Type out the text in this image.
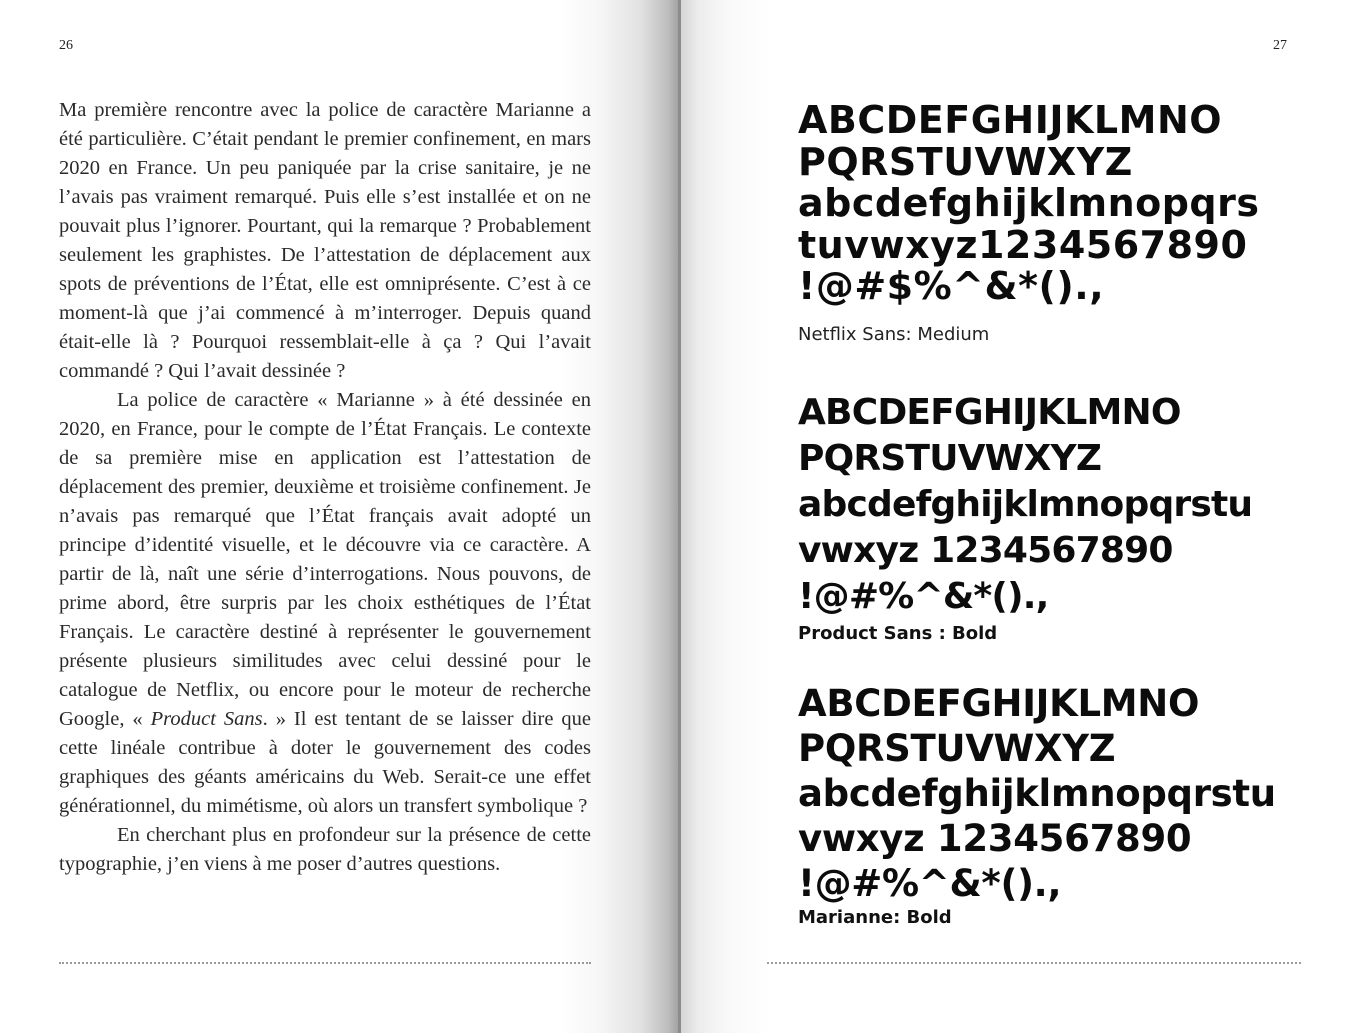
26

Ma première rencontre avec la police de caractère Marianne a été particulière. C’était pendant le premier confinement, en mars 2020 en France. Un peu paniquée par la crise sanitaire, je ne l’avais pas vraiment remarqué. Puis elle s’est installée et on ne pouvait plus l’ignorer. Pourtant, qui la remarque ? Probablement seulement les graphistes. De l’attestation de déplacement aux spots de préventions de l’État, elle est omniprésente. C’est à ce moment-là que j’ai commencé à m’interroger. Depuis quand était-elle là ? Pourquoi ressemblait-elle à ça ? Qui l’avait commandé ? Qui l’avait dessinée ?

La police de caractère « Marianne » à été dessinée en 2020, en France, pour le compte de l’État Français. Le contexte de sa première mise en application est l’attestation de déplacement des premier, deuxième et troisième confinement. Je n’avais pas remarqué que l’État français avait adopté un principe d’identité visuelle, et le découvre via ce caractère. A partir de là, naît une série d’interrogations. Nous pouvons, de prime abord, être surpris par les choix esthétiques de l’État Français. Le caractère destiné à représenter le gouvernement présente plusieurs similitudes avec celui dessiné pour le catalogue de Netflix, ou encore pour le moteur de recherche Google, « Product Sans. » Il est tentant de se laisser dire que cette linéale contribue à doter le gouvernement des codes graphiques des géants américains du Web. Serait-ce une effet générationnel, du mimétisme, où alors un transfert symbolique ?

En cherchant plus en profondeur sur la présence de cette typographie, j’en viens à me poser d’autres questions.

27
ABCDEFGHIJKLMNO
PQRSTUVWXYZ
abcdefghijklmnopqrs
tuvwxyz1234567890
!@#$%^&*().,
Netflix Sans: Medium
ABCDEFGHIJKLMNO
PQRSTUVWXYZ
abcdefghijklmnopqrstu
vwxyz 1234567890
!@#%^&*().,
Product Sans : Bold
ABCDEFGHIJKLMNO
PQRSTUVWXYZ
abcdefghijklmnopqrstu
vwxyz 1234567890
!@#%^&*().,
Marianne: Bold
